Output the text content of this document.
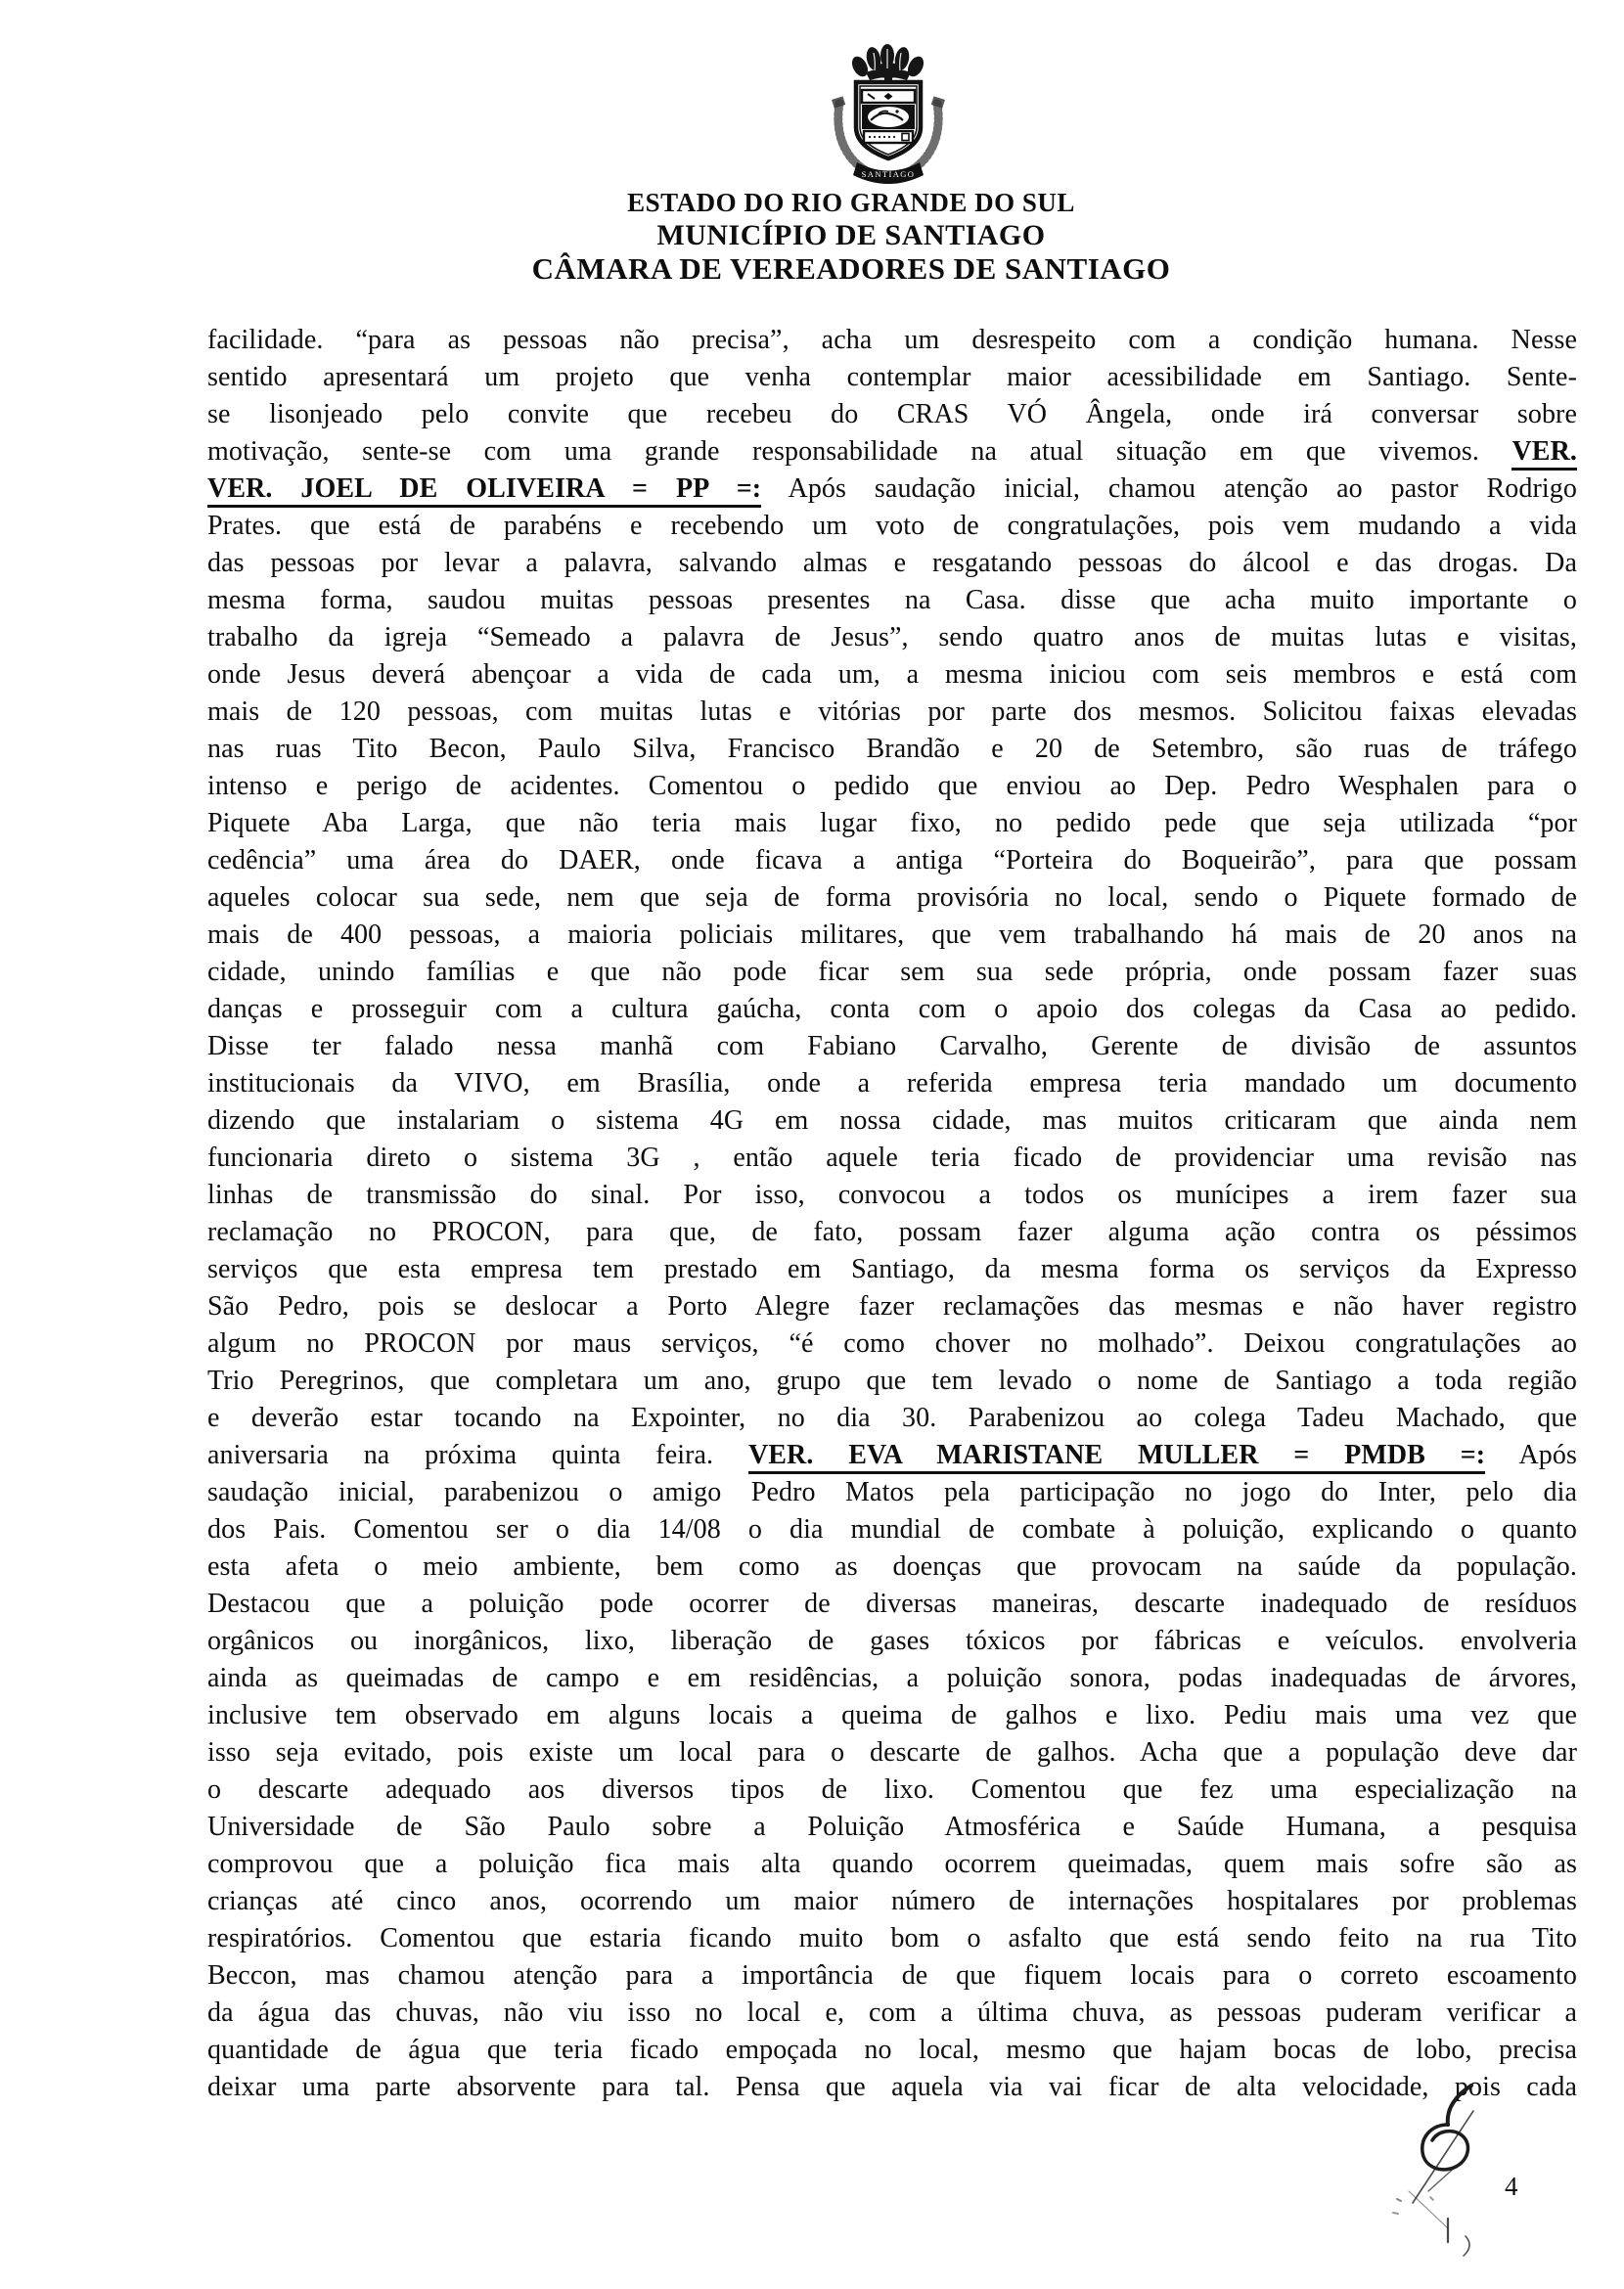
SANTIAGO
ESTADO DO RIO GRANDE DO SUL
MUNICÍPIO DE SANTIAGO
CÂMARA DE VEREADORES DE SANTIAGO
facilidade. “para as pessoas não precisa”, acha um desrespeito com a condição humana. Nesse
sentido apresentará um projeto que venha contemplar maior acessibilidade em Santiago. Sente-
se lisonjeado pelo convite que recebeu do CRAS VÓ Ângela, onde irá conversar sobre
motivação, sente-se com uma grande responsabilidade na atual situação em que vivemos. VER.
VER. JOEL DE OLIVEIRA = PP =: Após saudação inicial, chamou atenção ao pastor Rodrigo
Prates. que está de parabéns e recebendo um voto de congratulações, pois vem mudando a vida
das pessoas por levar a palavra, salvando almas e resgatando pessoas do álcool e das drogas. Da
mesma forma, saudou muitas pessoas presentes na Casa. disse que acha muito importante o
trabalho da igreja “Semeado a palavra de Jesus”, sendo quatro anos de muitas lutas e visitas,
onde Jesus deverá abençoar a vida de cada um, a mesma iniciou com seis membros e está com
mais de 120 pessoas, com muitas lutas e vitórias por parte dos mesmos. Solicitou faixas elevadas
nas ruas Tito Becon, Paulo Silva, Francisco Brandão e 20 de Setembro, são ruas de tráfego
intenso e perigo de acidentes. Comentou o pedido que enviou ao Dep. Pedro Wesphalen para o
Piquete Aba Larga, que não teria mais lugar fixo, no pedido pede que seja utilizada “por
cedência” uma área do DAER, onde ficava a antiga “Porteira do Boqueirão”, para que possam
aqueles colocar sua sede, nem que seja de forma provisória no local, sendo o Piquete formado de
mais de 400 pessoas, a maioria policiais militares, que vem trabalhando há mais de 20 anos na
cidade, unindo famílias e que não pode ficar sem sua sede própria, onde possam fazer suas
danças e prosseguir com a cultura gaúcha, conta com o apoio dos colegas da Casa ao pedido.
Disse ter falado nessa manhã com Fabiano Carvalho, Gerente de divisão de assuntos
institucionais da VIVO, em Brasília, onde a referida empresa teria mandado um documento
dizendo que instalariam o sistema 4G em nossa cidade, mas muitos criticaram que ainda nem
funcionaria direto o sistema 3G , então aquele teria ficado de providenciar uma revisão nas
linhas de transmissão do sinal. Por isso, convocou a todos os munícipes a irem fazer sua
reclamação no PROCON, para que, de fato, possam fazer alguma ação contra os péssimos
serviços que esta empresa tem prestado em Santiago, da mesma forma os serviços da Expresso
São Pedro, pois se deslocar a Porto Alegre fazer reclamações das mesmas e não haver registro
algum no PROCON por maus serviços, “é como chover no molhado”. Deixou congratulações ao
Trio Peregrinos, que completara um ano, grupo que tem levado o nome de Santiago a toda região
e deverão estar tocando na Expointer, no dia 30. Parabenizou ao colega Tadeu Machado, que
aniversaria na próxima quinta feira. VER. EVA MARISTANE MULLER = PMDB =: Após
saudação inicial, parabenizou o amigo Pedro Matos pela participação no jogo do Inter, pelo dia
dos Pais. Comentou ser o dia 14/08 o dia mundial de combate à poluição, explicando o quanto
esta afeta o meio ambiente, bem como as doenças que provocam na saúde da população.
Destacou que a poluição pode ocorrer de diversas maneiras, descarte inadequado de resíduos
orgânicos ou inorgânicos, lixo, liberação de gases tóxicos por fábricas e veículos. envolveria
ainda as queimadas de campo e em residências, a poluição sonora, podas inadequadas de árvores,
inclusive tem observado em alguns locais a queima de galhos e lixo. Pediu mais uma vez que
isso seja evitado, pois existe um local para o descarte de galhos. Acha que a população deve dar
o descarte adequado aos diversos tipos de lixo. Comentou que fez uma especialização na
Universidade de São Paulo sobre a Poluição Atmosférica e Saúde Humana, a pesquisa
comprovou que a poluição fica mais alta quando ocorrem queimadas, quem mais sofre são as
crianças até cinco anos, ocorrendo um maior número de internações hospitalares por problemas
respiratórios. Comentou que estaria ficando muito bom o asfalto que está sendo feito na rua Tito
Beccon, mas chamou atenção para a importância de que fiquem locais para o correto escoamento
da água das chuvas, não viu isso no local e, com a última chuva, as pessoas puderam verificar a
quantidade de água que teria ficado empoçada no local, mesmo que hajam bocas de lobo, precisa
deixar uma parte absorvente para tal. Pensa que aquela via vai ficar de alta velocidade, pois cada
4
